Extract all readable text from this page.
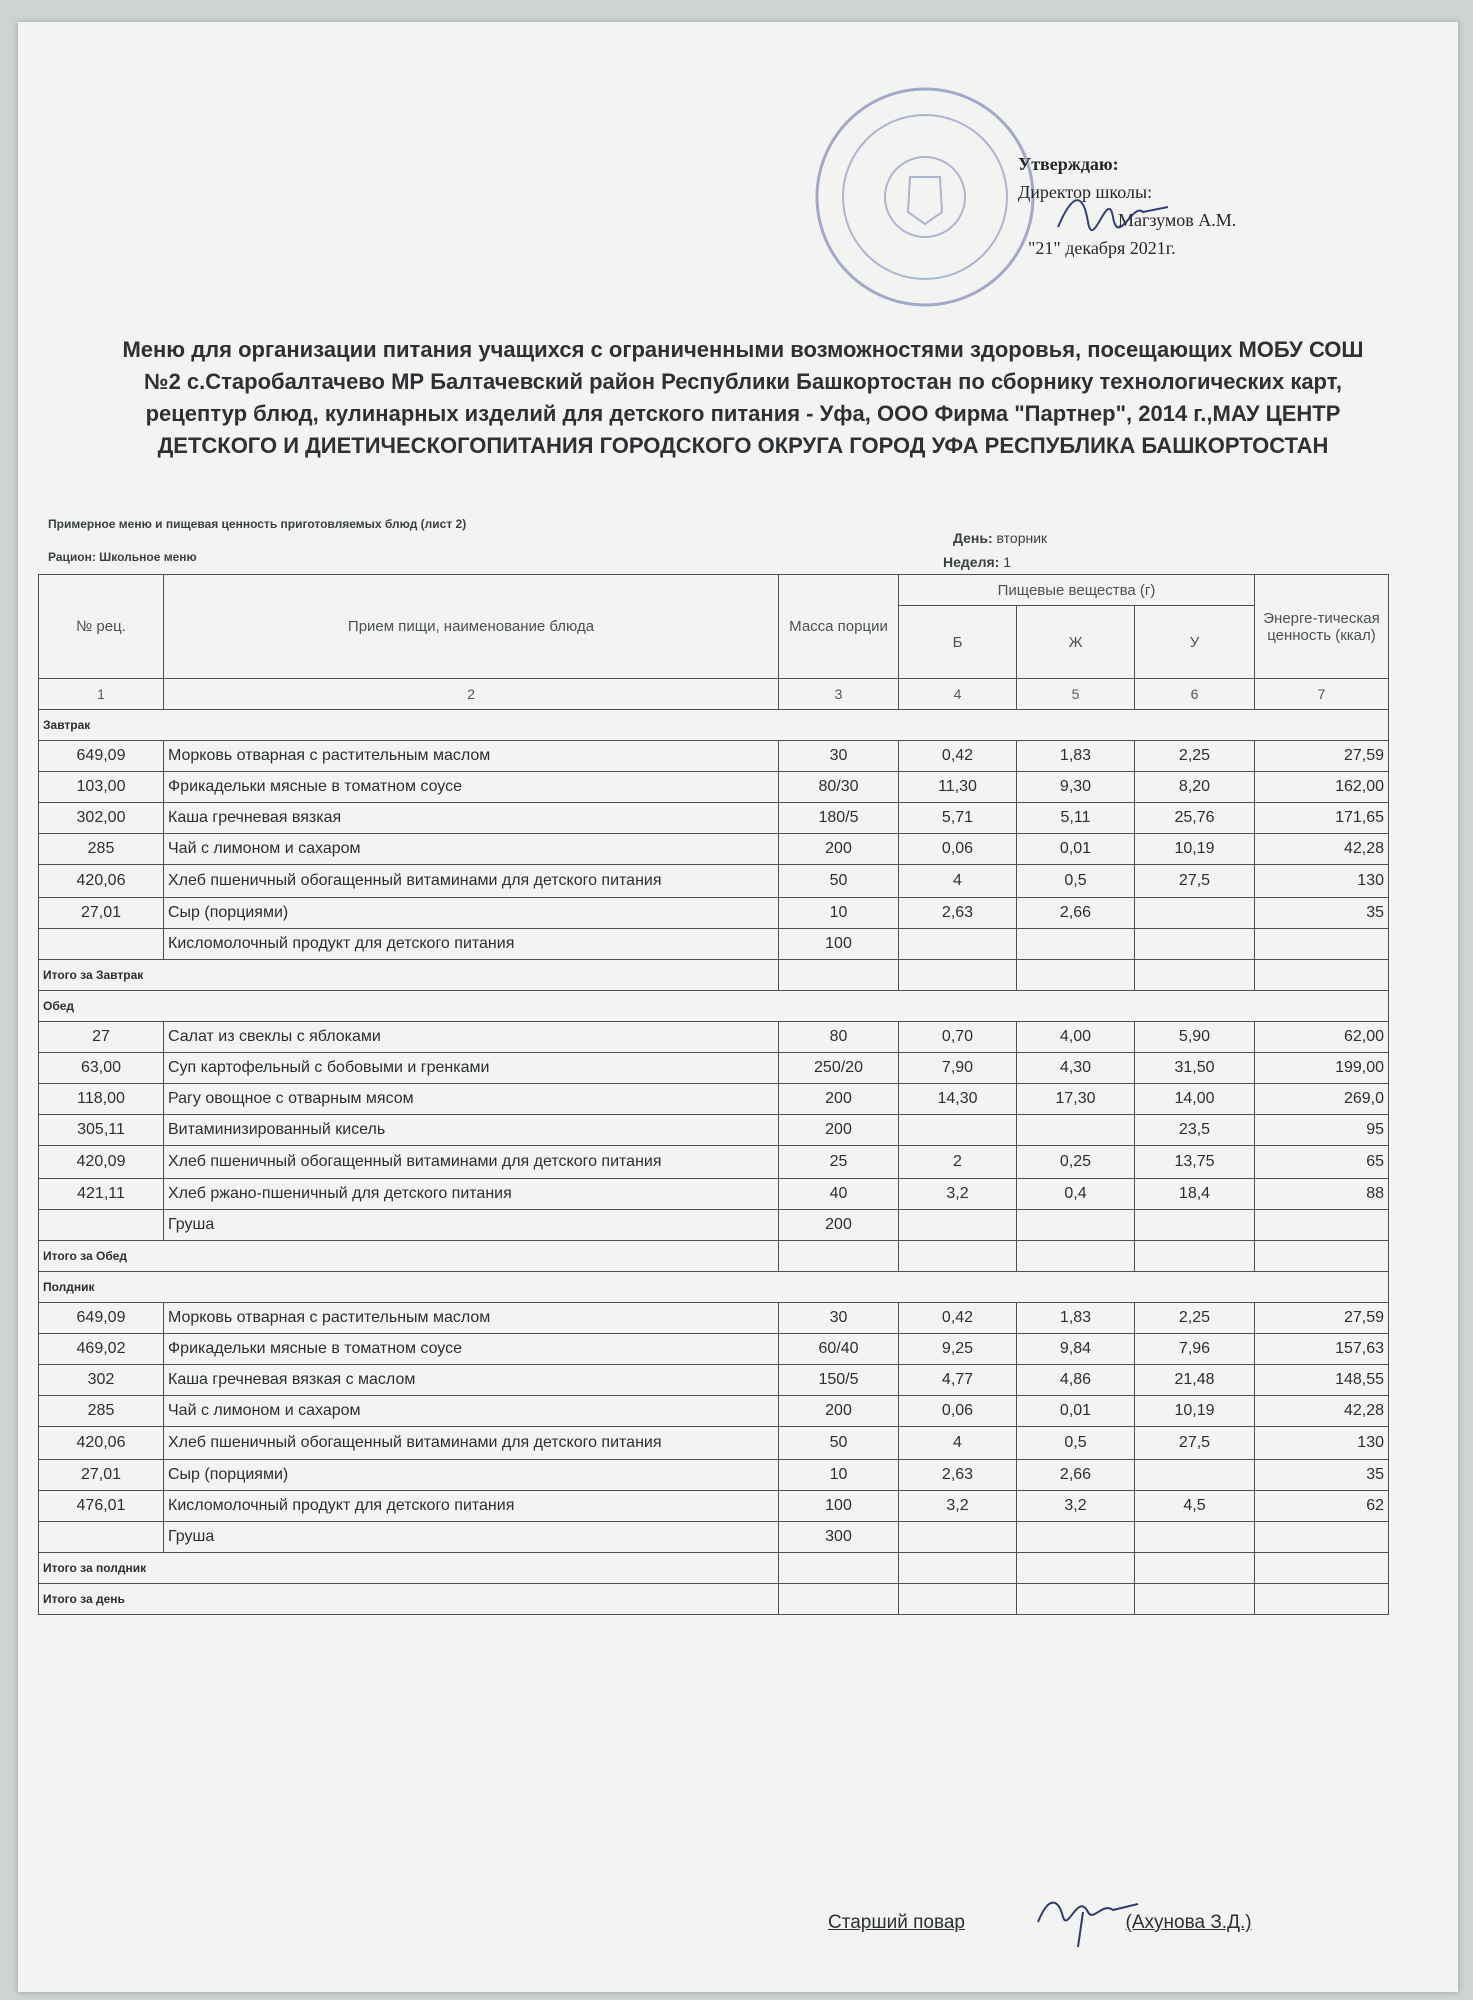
Утверждаю:
Директор школы:
Магзумов А.М.
"21" декабря 2021г.
Меню для организации питания учащихся с ограниченными возможностями здоровья, посещающих МОБУ СОШ №2 с.Старобалтачево МР Балтачевский район Республики Башкортостан по сборнику технологических карт, рецептур блюд, кулинарных изделий для детского питания - Уфа, ООО Фирма "Партнер", 2014 г.,МАУ ЦЕНТР ДЕТСКОГО И ДИЕТИЧЕСКОГОПИТАНИЯ ГОРОДСКОГО ОКРУГА ГОРОД УФА РЕСПУБЛИКА БАШКОРТОСТАН
Примерное меню и пищевая ценность приготовляемых блюд (лист 2)
Рацион: Школьное меню
День: вторник
Неделя: 1
№ рец.	Прием пищи, наименование блюда	Масса порции	Пищевые вещества (г)			Энерге-тическая ценность (ккал)
			Б	Ж	У	
1	2	3	4	5	6	7
Завтрак						
649,09	Морковь отварная с растительным маслом	30	0,42	1,83	2,25	27,59
103,00	Фрикадельки мясные в томатном соусе	80/30	11,30	9,30	8,20	162,00
302,00	Каша гречневая вязкая	180/5	5,71	5,11	25,76	171,65
285	Чай с лимоном и сахаром	200	0,06	0,01	10,19	42,28
420,06	Хлеб пшеничный обогащенный витаминами для детского питания	50	4	0,5	27,5	130
27,01	Сыр (порциями)	10	2,63	2,66		35
	Кисломолочный продукт для детского питания	100				
Итого за Завтрак						
Обед						
27	Салат из свеклы с яблоками	80	0,70	4,00	5,90	62,00
63,00	Суп картофельный с бобовыми и гренками	250/20	7,90	4,30	31,50	199,00
118,00	Рагу овощное с отварным мясом	200	14,30	17,30	14,00	269,0
305,11	Витаминизированный кисель	200			23,5	95
420,09	Хлеб пшеничный обогащенный витаминами для детского питания	25	2	0,25	13,75	65
421,11	Хлеб ржано-пшеничный для детского питания	40	3,2	0,4	18,4	88
	Груша	200				
Итого за Обед						
Полдник						
649,09	Морковь отварная с растительным маслом	30	0,42	1,83	2,25	27,59
469,02	Фрикадельки мясные в томатном соусе	60/40	9,25	9,84	7,96	157,63
302	Каша гречневая вязкая с маслом	150/5	4,77	4,86	21,48	148,55
285	Чай с лимоном и сахаром	200	0,06	0,01	10,19	42,28
420,06	Хлеб пшеничный обогащенный витаминами для детского питания	50	4	0,5	27,5	130
27,01	Сыр (порциями)	10	2,63	2,66		35
476,01	Кисломолочный продукт для детского питания	100	3,2	3,2	4,5	62
	Груша	300				
Итого за полдник						
Итого за день						
Старший повар	(Ахунова З.Д.)
